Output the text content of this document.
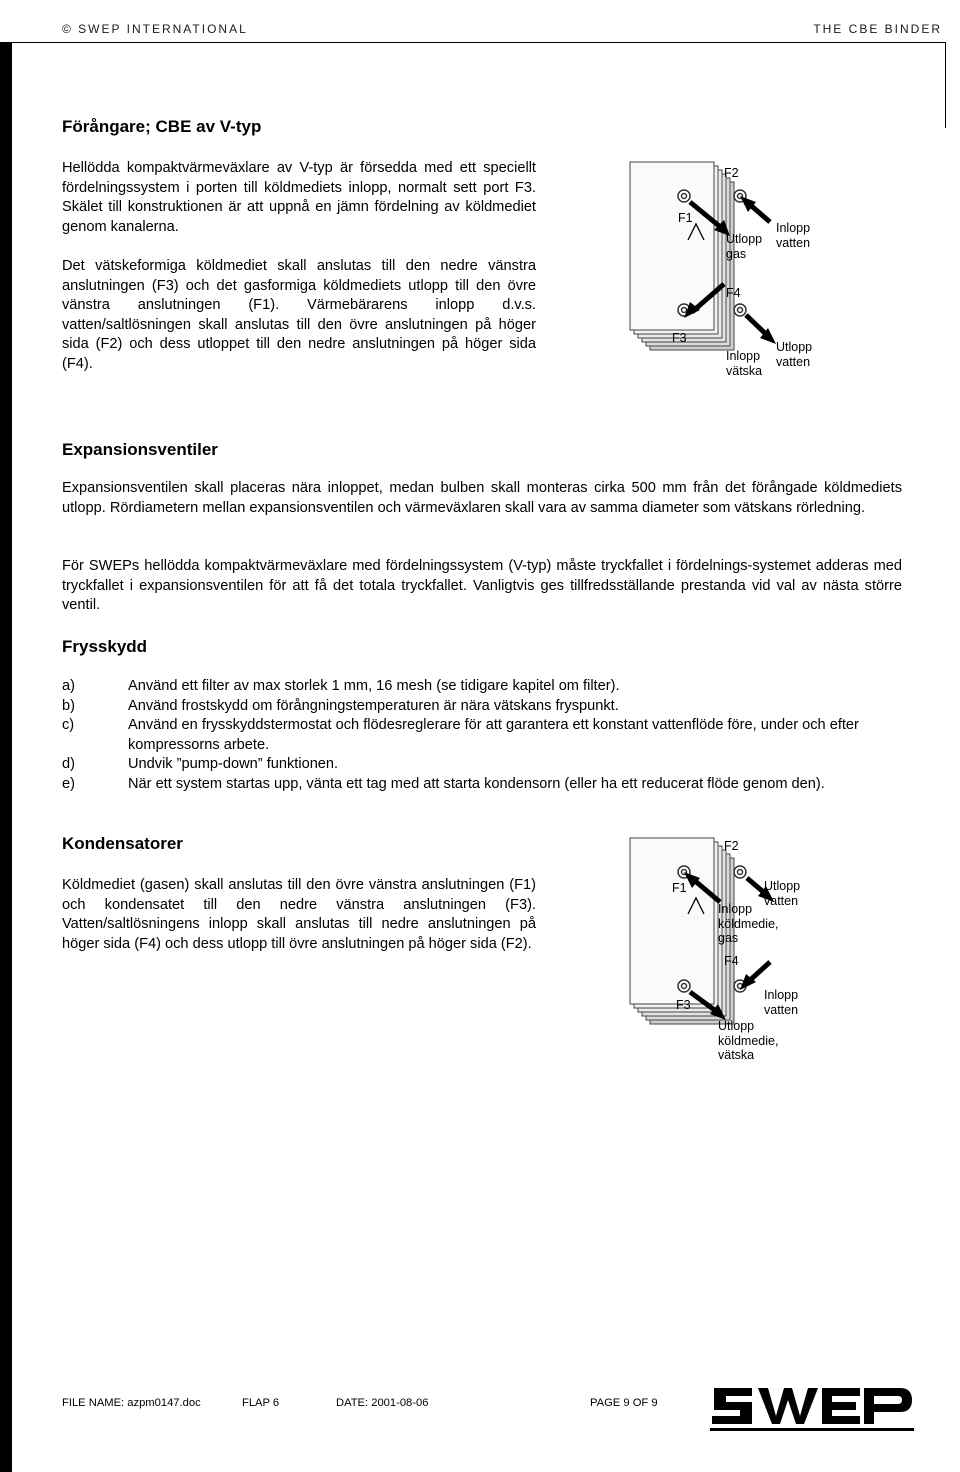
© SWEP INTERNATIONAL	THE CBE BINDER
Förångare; CBE av V-typ

Hellödda kompaktvärmeväxlare av V-typ är försedda med ett speciellt fördelningssystem i porten till köldmediets inlopp, normalt sett port F3. Skälet till konstruktionen är att uppnå en jämn fördelning av köldmediet genom kanalerna.

Det vätskeformiga köldmediet skall anslutas till den nedre vänstra anslutningen (F3) och det gasformiga köldmediets utlopp till den övre vänstra anslutningen (F1). Värmebärarens inlopp d.v.s. vatten/saltlösningen skall anslutas till den övre anslutningen på höger sida (F2) och dess utloppet till den nedre anslutningen på höger sida (F4).

F2
F1
Utlopp
gas
Inlopp
vatten
F4
F3
Inlopp
vätska
Utlopp
vatten
Expansionsventiler

Expansionsventilen skall placeras nära inloppet, medan bulben skall monteras cirka 500 mm från det förångade köldmediets utlopp. Rördiametern mellan expansionsventilen och värmeväxlaren skall vara av samma diameter som vätskans rörledning.

För SWEPs hellödda kompaktvärmeväxlare med fördelningssystem (V-typ) måste tryckfallet i fördelnings-systemet adderas med tryckfallet i expansionsventilen för att få det totala tryckfallet. Vanligtvis ges tillfredsställande prestanda vid val av nästa större ventil.

Frysskydd
a)	Använd ett filter av max storlek 1 mm, 16 mesh (se tidigare kapitel om filter).
b)	Använd frostskydd om förångningstemperaturen är nära vätskans fryspunkt.
c)	Använd en frysskyddstermostat och flödesreglerare för att garantera ett konstant vattenflöde före, under och efter kompressorns arbete.
d)	Undvik ”pump-down” funktionen.
e)	När ett system startas upp, vänta ett tag med att starta kondensorn (eller ha ett reducerat flöde genom den).
Kondensatorer

Köldmediet (gasen) skall anslutas till den övre vänstra anslutningen (F1) och kondensatet till den nedre vänstra anslutningen (F3). Vatten/saltlösningens inlopp skall anslutas till nedre anslutningen på höger sida (F4) och dess utlopp till övre anslutningen på höger sida (F2).

F2
F1	Utlopp
vatten
Inlopp
köldmedie,
gas
F4
Inlopp
vatten
F3
Utlopp
köldmedie,
vätska
FILE NAME: azpm0147.doc	FLAP 6	DATE: 2001-08-06	PAGE 9 OF 9
